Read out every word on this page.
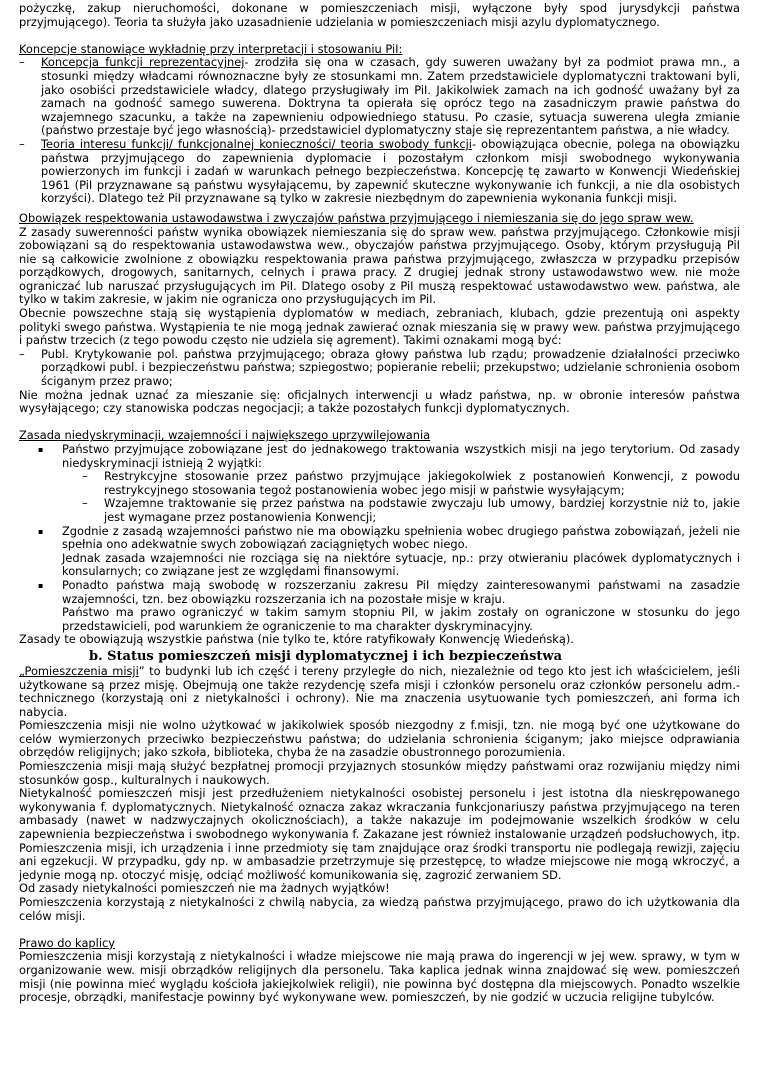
pożyczkę, zakup nieruchomości, dokonane w pomieszczeniach misji, wyłączone były spod jurysdykcji państwa przyjmującego). Teoria ta służyła jako uzasadnienie udzielania w pomieszczeniach misji azylu dyplomatycznego.

Koncepcje stanowiące wykładnię przy interpretacji i stosowaniu PiI:

–	Koncepcja funkcji reprezentacyjnej- zrodziła się ona w czasach, gdy suweren uważany był za podmiot prawa mn., a stosunki między władcami równoznaczne były ze stosunkami mn. Zatem przedstawiciele dyplomatyczni traktowani byli, jako osobiści przedstawiciele władcy, dlatego przysługiwały im PiI. Jakikolwiek zamach na ich godność uważany był za zamach na godność samego suwerena. Doktryna ta opierała się oprócz tego na zasadniczym prawie państwa do wzajemnego szacunku, a także na zapewnieniu odpowiedniego statusu. Po czasie, sytuacja suwerena uległa zmianie (państwo przestaje być jego własnością)- przedstawiciel dyplomatyczny staje się reprezentantem państwa, a nie władcy.
–	Teoria interesu funkcji/ funkcjonalnej konieczności/ teoria swobody funkcji- obowiązująca obecnie, polega na obowiązku państwa przyjmującego do zapewnienia dyplomacie i pozostałym członkom misji swobodnego wykonywania powierzonych im funkcji i zadań w warunkach pełnego bezpieczeństwa. Koncepcję tę zawarto w Konwencji Wiedeńskiej 1961 (PiI przyznawane są państwu wysyłającemu, by zapewnić skuteczne wykonywanie ich funkcji, a nie dla osobistych korzyści). Dlatego też PiI przyznawane są tylko w zakresie niezbędnym do zapewnienia wykonania funkcji misji.

Obowiązek respektowania ustawodawstwa i zwyczajów państwa przyjmującego i niemieszania się do jego spraw wew.

Z zasady suwerenności państw wynika obowiązek niemieszania się do spraw wew. państwa przyjmującego. Członkowie misji zobowiązani są do respektowania ustawodawstwa wew., obyczajów państwa przyjmującego. Osoby, którym przysługują PiI nie są całkowicie zwolnione z obowiązku respektowania prawa państwa przyjmującego, zwłaszcza w przypadku przepisów porządkowych, drogowych, sanitarnych, celnych i prawa pracy. Z drugiej jednak strony ustawodawstwo wew. nie może ograniczać lub naruszać przysługujących im PiI. Dlatego osoby z PiI muszą respektować ustawodawstwo wew. państwa, ale tylko w takim zakresie, w jakim nie ogranicza ono przysługujących im PiI.

Obecnie powszechne stają się wystąpienia dyplomatów w mediach, zebraniach, klubach, gdzie prezentują oni aspekty polityki swego państwa. Wystąpienia te nie mogą jednak zawierać oznak mieszania się w prawy wew. państwa przyjmującego i państw trzecich (z tego powodu często nie udziela się agrement). Takimi oznakami mogą być:

–	Publ. Krytykowanie pol. państwa przyjmującego; obraza głowy państwa lub rządu; prowadzenie działalności przeciwko porządkowi publ. i bezpieczeństwu państwa; szpiegostwo; popieranie rebelii; przekupstwo; udzielanie schronienia osobom ściganym przez prawo;

Nie można jednak uznać za mieszanie się: oficjalnych interwencji u władz państwa, np. w obronie interesów państwa wysyłającego; czy stanowiska podczas negocjacji; a także pozostałych funkcji dyplomatycznych.

Zasada niedyskryminacji, wzajemności i największego uprzywilejowania

▪	Państwo przyjmujące zobowiązane jest do jednakowego traktowania wszystkich misji na jego terytorium. Od zasady niedyskryminacji istnieją 2 wyjątki:
–	Restrykcyjne stosowanie przez państwo przyjmujące jakiegokolwiek z postanowień Konwencji, z powodu restrykcyjnego stosowania tegoż postanowienia wobec jego misji w państwie wysyłającym;
–	Wzajemne traktowanie się przez państwa na podstawie zwyczaju lub umowy, bardziej korzystnie niż to, jakie jest wymagane przez postanowienia Konwencji;
▪	Zgodnie z zasadą wzajemności państwo nie ma obowiązku spełnienia wobec drugiego państwa zobowiązań, jeżeli nie spełnia ono adekwatnie swych zobowiązań zaciągniętych wobec niego.

Jednak zasada wzajemności nie rozciąga się na niektóre sytuacje, np.: przy otwieraniu placówek dyplomatycznych i konsularnych; co związane jest ze względami finansowymi.

▪	Ponadto państwa mają swobodę w rozszerzaniu zakresu PiI między zainteresowanymi państwami na zasadzie wzajemności, tzn. bez obowiązku rozszerzania ich na pozostałe misje w kraju.

Państwo ma prawo ograniczyć w takim samym stopniu PiI, w jakim zostały on ograniczone w stosunku do jego przedstawicieli, pod warunkiem że ograniczenie to ma charakter dyskryminacyjny.

Zasady te obowiązują wszystkie państwa (nie tylko te, które ratyfikowały Konwencję Wiedeńską).

b. Status pomieszczeń misji dyplomatycznej i ich bezpieczeństwa

„Pomieszczenia misji” to budynki lub ich część i tereny przyległe do nich, niezależnie od tego kto jest ich właścicielem, jeśli użytkowane są przez misję. Obejmują one także rezydencję szefa misji i członków personelu oraz członków personelu adm.-technicznego (korzystają oni z nietykalności i ochrony). Nie ma znaczenia usytuowanie tych pomieszczeń, ani forma ich nabycia.

Pomieszczenia misji nie wolno użytkować w jakikolwiek sposób niezgodny z f.misji, tzn. nie mogą być one użytkowane do celów wymierzonych przeciwko bezpieczeństwu państwa; do udzielania schronienia ściganym; jako miejsce odprawiania obrzędów religijnych; jako szkoła, biblioteka, chyba że na zasadzie obustronnego porozumienia.

Pomieszczenia misji mają służyć bezpłatnej promocji przyjaznych stosunków między państwami oraz rozwijaniu między nimi stosunków gosp., kulturalnych i naukowych.

Nietykalność pomieszczeń misji jest przedłużeniem nietykalności osobistej personelu i jest istotna dla nieskrępowanego wykonywania f. dyplomatycznych. Nietykalność oznacza zakaz wkraczania funkcjonariuszy państwa przyjmującego na teren ambasady (nawet w nadzwyczajnych okolicznościach), a także nakazuje im podejmowanie wszelkich środków w celu zapewnienia bezpieczeństwa i swobodnego wykonywania f. Zakazane jest również instalowanie urządzeń podsłuchowych, itp. Pomieszczenia misji, ich urządzenia i inne przedmioty się tam znajdujące oraz środki transportu nie podlegają rewizji, zajęciu ani egzekucji. W przypadku, gdy np. w ambasadzie przetrzymuje się przestępcę, to władze miejscowe nie mogą wkroczyć, a jedynie mogą np. otoczyć misję, odciąć możliwość komunikowania się, zagrozić zerwaniem SD.

Od zasady nietykalności pomieszczeń nie ma żadnych wyjątków!

Pomieszczenia korzystają z nietykalności z chwilą nabycia, za wiedzą państwa przyjmującego, prawo do ich użytkowania dla celów misji.

Prawo do kaplicy

Pomieszczenia misji korzystają z nietykalności i władze miejscowe nie mają prawa do ingerencji w jej wew. sprawy, w tym w organizowanie wew. misji obrządków religijnych dla personelu. Taka kaplica jednak winna znajdować się wew. pomieszczeń misji (nie powinna mieć wyglądu kościoła jakiejkolwiek religii), nie powinna być dostępna dla miejscowych. Ponadto wszelkie procesje, obrządki, manifestacje powinny być wykonywane wew. pomieszczeń, by nie godzić w uczucia religijne tubylców.
